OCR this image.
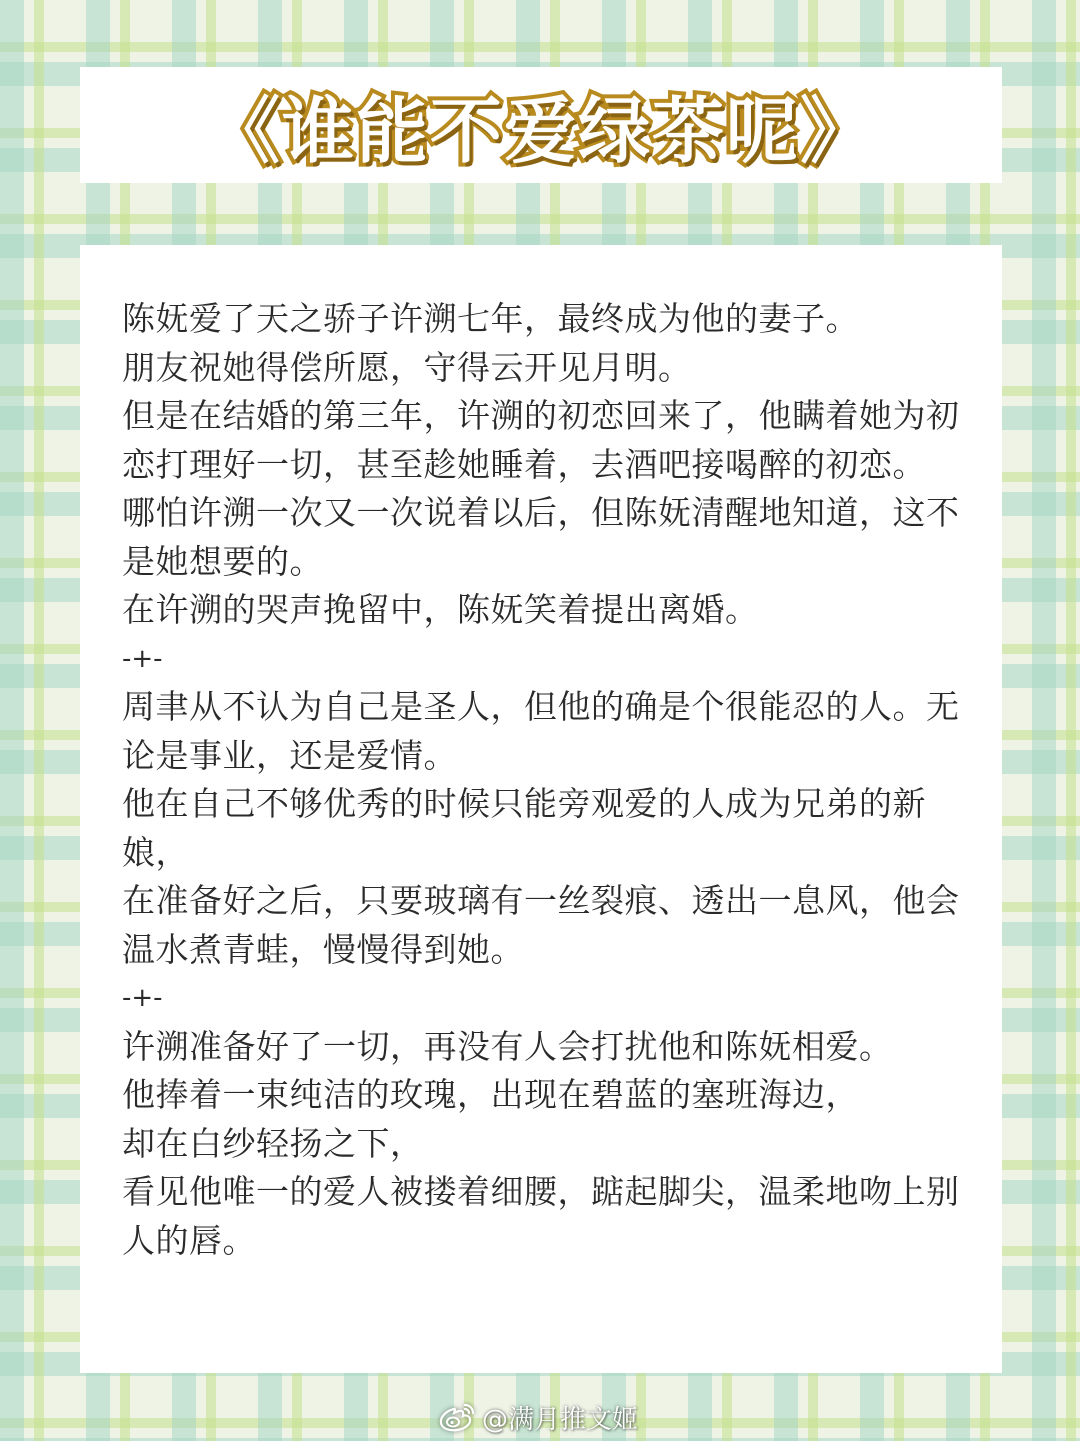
《谁能不爱绿茶呢》

陈妩爱了天之骄子许溯七年，最终成为他的妻子。

朋友祝她得偿所愿，守得云开见月明。

但是在结婚的第三年，许溯的初恋回来了，他瞒着她为初恋打理好一切，甚至趁她睡着，去酒吧接喝醉的初恋。

哪怕许溯一次又一次说着以后，但陈妩清醒地知道，这不是她想要的。

在许溯的哭声挽留中，陈妩笑着提出离婚。

-+-

周聿从不认为自己是圣人，但他的确是个很能忍的人。无论是事业，还是爱情。

他在自己不够优秀的时候只能旁观爱的人成为兄弟的新娘，

在准备好之后，只要玻璃有一丝裂痕、透出一息风，他会温水煮青蛙，慢慢得到她。

-+-

许溯准备好了一切，再没有人会打扰他和陈妩相爱。

他捧着一束纯洁的玫瑰，出现在碧蓝的塞班海边，

却在白纱轻扬之下，

看见他唯一的爱人被搂着细腰，踮起脚尖，温柔地吻上别人的唇。

@满月推文姬
